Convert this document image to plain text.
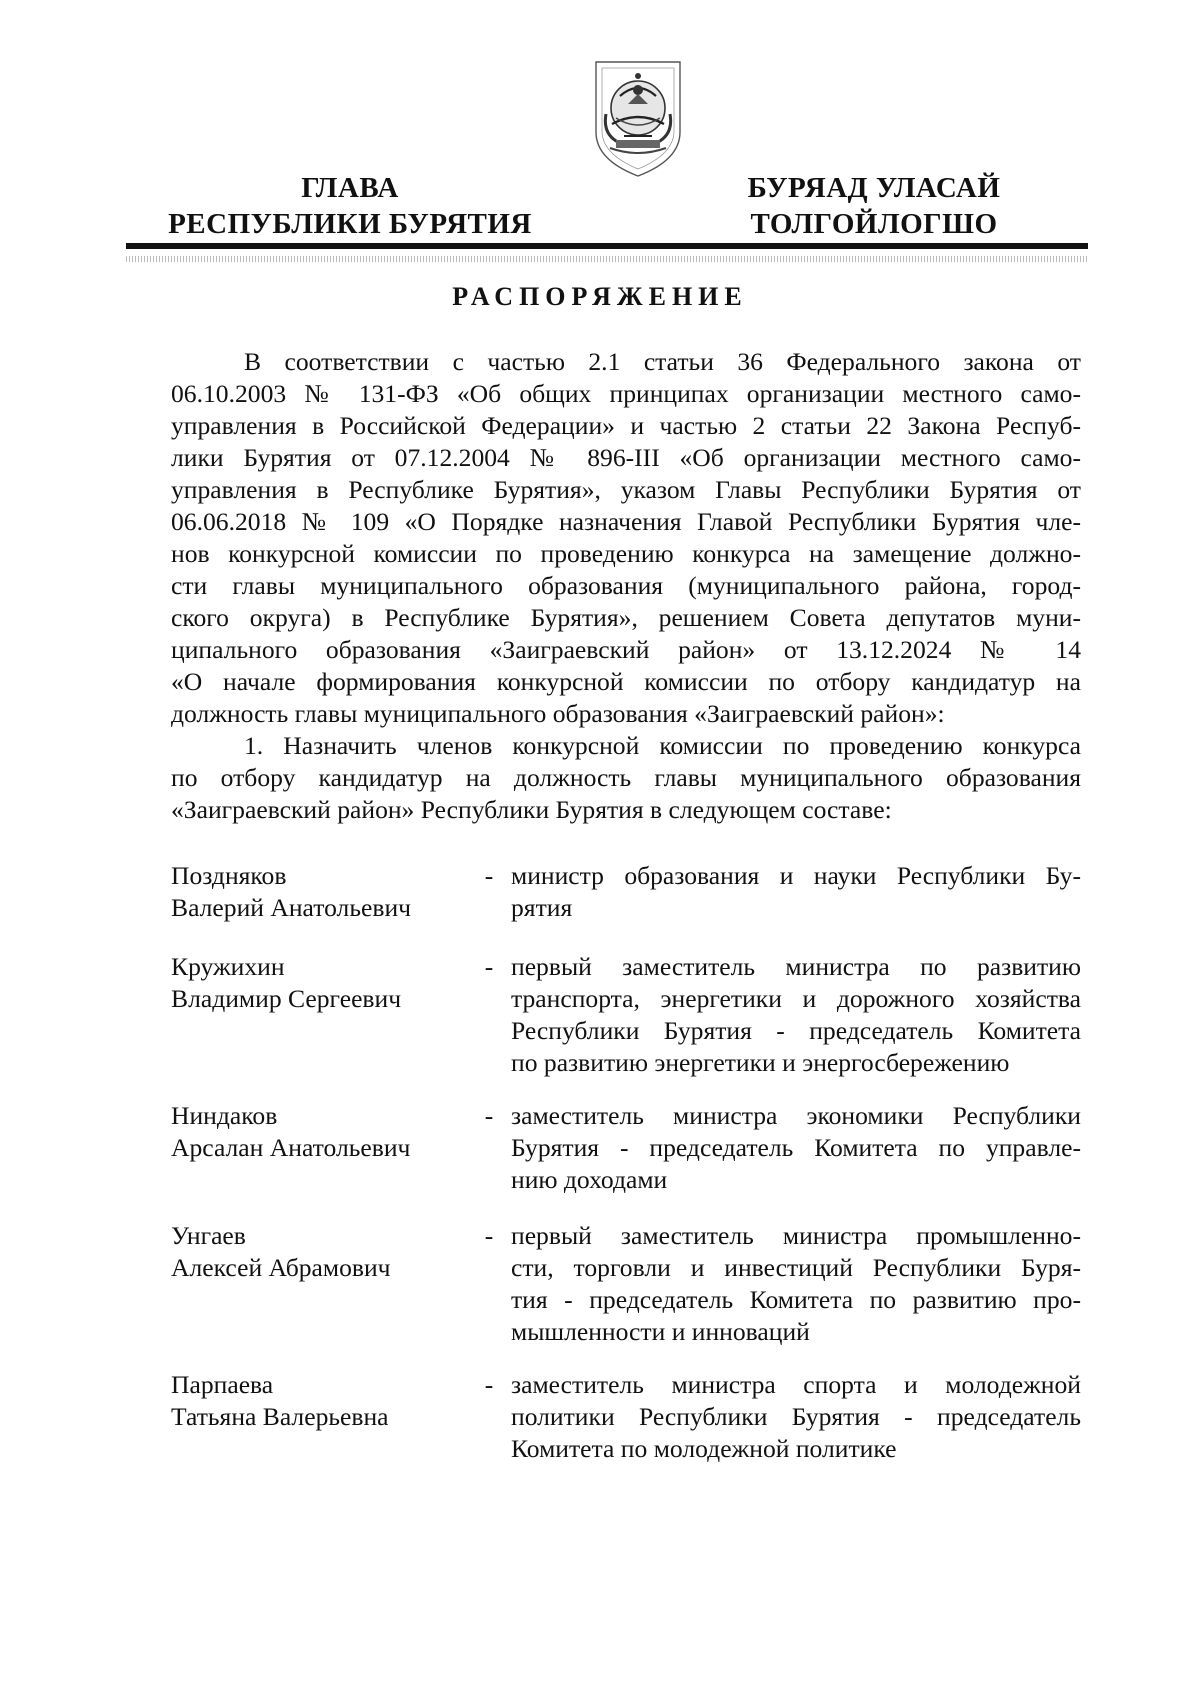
ГЛАВА
РЕСПУБЛИКИ БУРЯТИЯ
БУРЯАД УЛАСАЙ
ТОЛГОЙЛОГШО
РАСПОРЯЖЕНИЕ
В соответствии с частью 2.1 статьи 36 Федерального закона от
06.10.2003 № 131-ФЗ «Об общих принципах организации местного само-
управления в Российской Федерации» и частью 2 статьи 22 Закона Респуб-
лики Бурятия от 07.12.2004 № 896-III «Об организации местного само-
управления в Республике Бурятия», указом Главы Республики Бурятия от
06.06.2018 № 109 «О Порядке назначения Главой Республики Бурятия чле-
нов конкурсной комиссии по проведению конкурса на замещение должно-
сти главы муниципального образования (муниципального района, город-
ского округа) в Республике Бурятия», решением Совета депутатов муни-
ципального образования «Заиграевский район» от 13.12.2024 № 14
«О начале формирования конкурсной комиссии по отбору кандидатур на
должность главы муниципального образования «Заиграевский район»:
1. Назначить членов конкурсной комиссии по проведению конкурса
по отбору кандидатур на должность главы муниципального образования
«Заиграевский район» Республики Бурятия в следующем составе:
Поздняков
Валерий Анатольевич
- министр образования и науки Республики Бу-
рятия
Кружихин
Владимир Сергеевич
- первый заместитель министра по развитию
транспорта, энергетики и дорожного хозяйства
Республики Бурятия - председатель Комитета
по развитию энергетики и энергосбережению
Ниндаков
Арсалан Анатольевич
- заместитель министра экономики Республики
Бурятия - председатель Комитета по управле-
нию доходами
Унгаев
Алексей Абрамович
- первый заместитель министра промышленно-
сти, торговли и инвестиций Республики Буря-
тия - председатель Комитета по развитию про-
мышленности и инноваций
Парпаева
Татьяна Валерьевна
- заместитель министра спорта и молодежной
политики Республики Бурятия - председатель
Комитета по молодежной политике
